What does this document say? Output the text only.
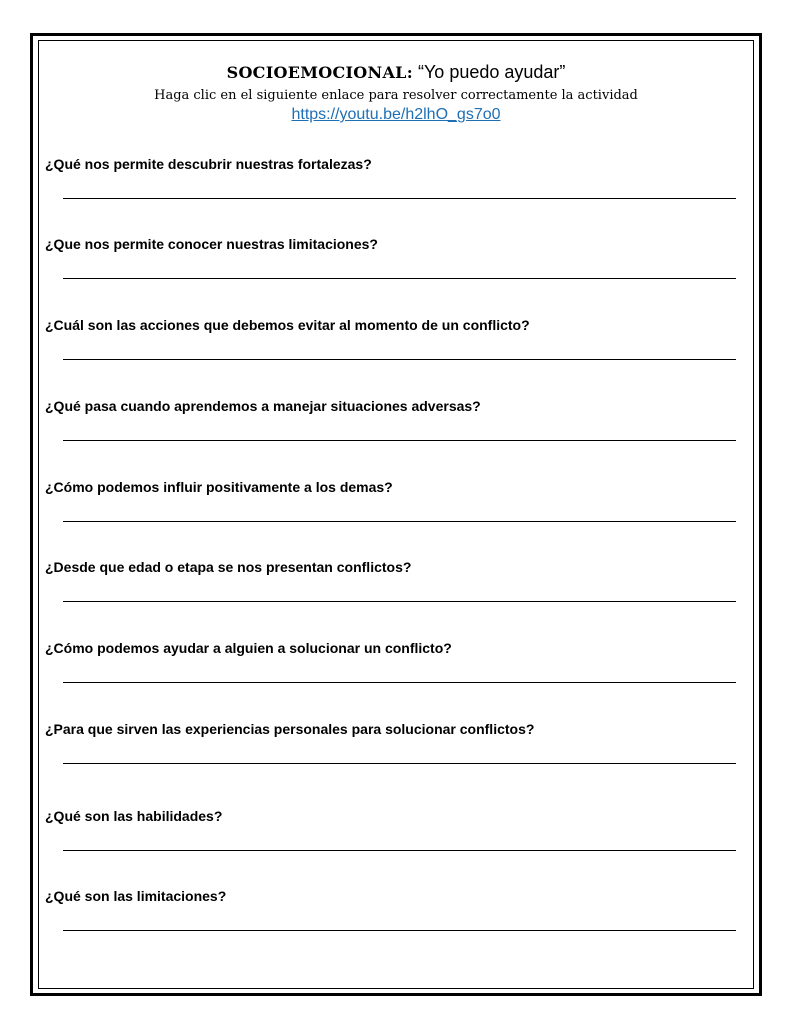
SOCIOEMOCIONAL: “Yo puedo ayudar”
Haga clic en el siguiente enlace para resolver correctamente la actividad
https://youtu.be/h2lhO_gs7o0
¿Qué nos permite descubrir nuestras fortalezas?
¿Que nos permite conocer nuestras limitaciones?
¿Cuál son las acciones que debemos evitar al momento de un conflicto?
¿Qué pasa cuando aprendemos a manejar situaciones adversas?
¿Cómo podemos influir positivamente a los demas?
¿Desde que edad o etapa se nos presentan conflictos?
¿Cómo podemos ayudar a alguien a solucionar un conflicto?
¿Para que sirven las experiencias personales para solucionar conflictos?
¿Qué son las habilidades?
¿Qué son las limitaciones?
